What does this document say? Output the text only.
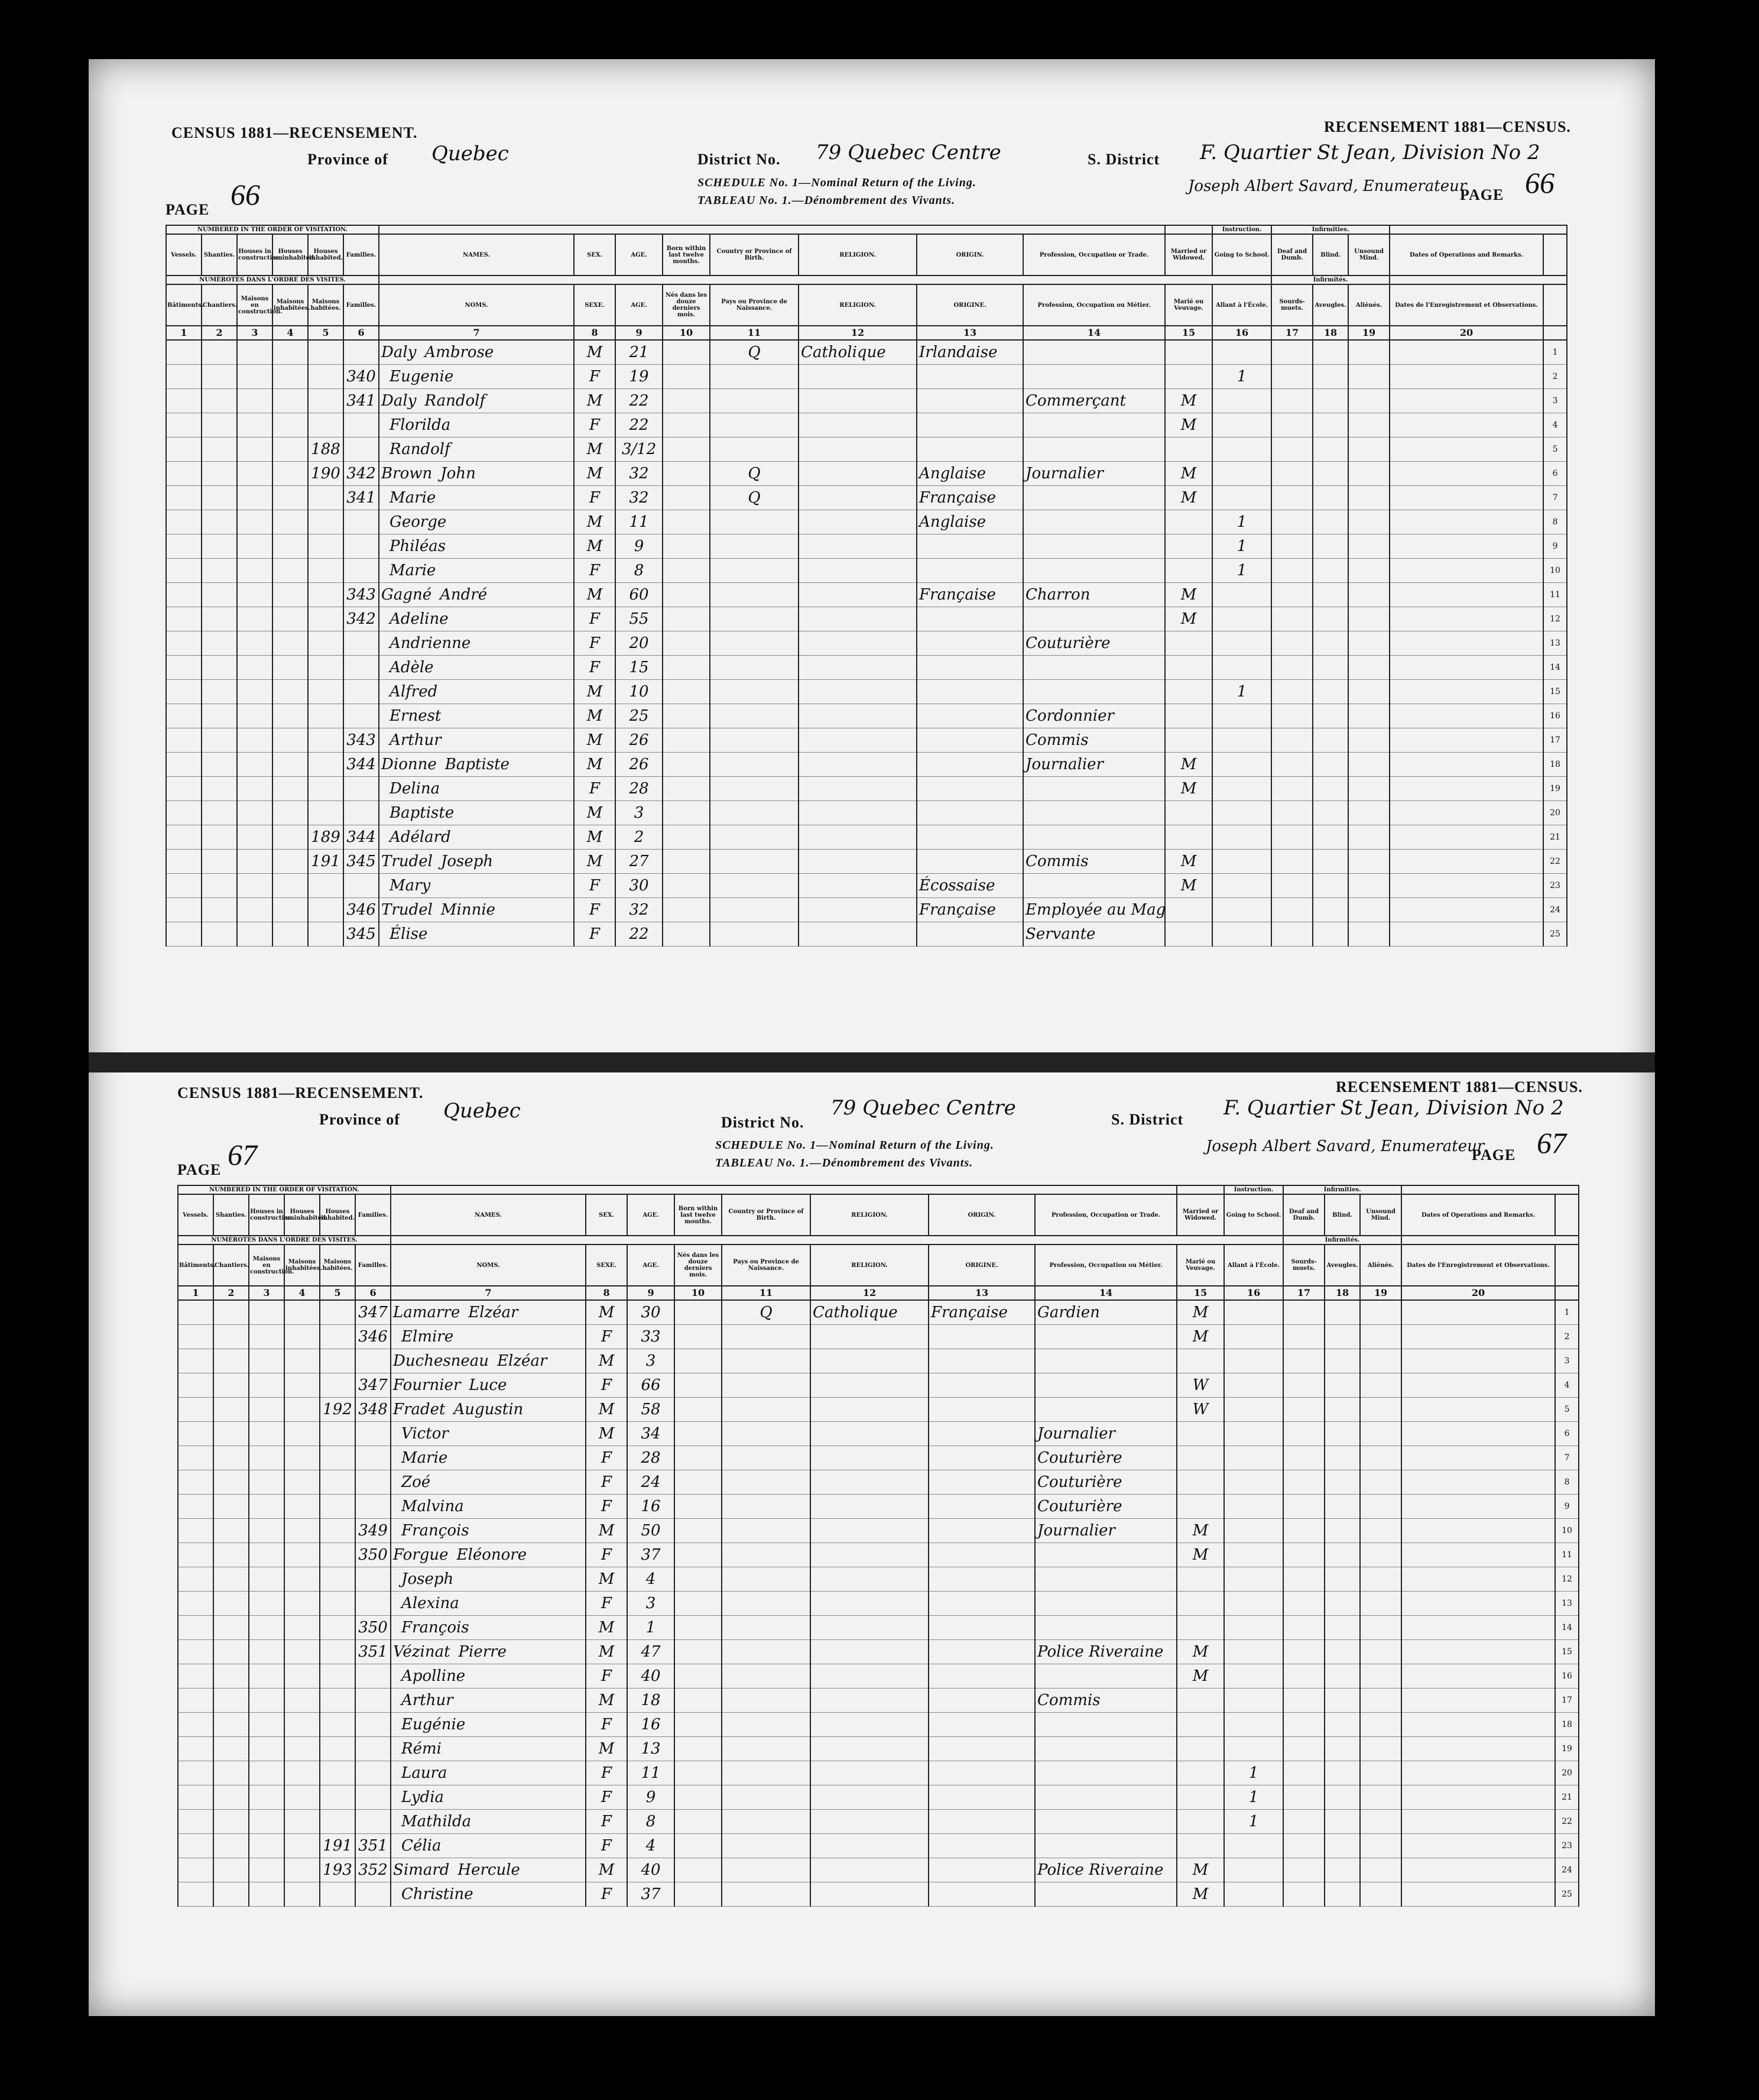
CENSUS 1881—RECENSEMENT.	RECENSEMENT 1881—CENSUS.
Province of Quebec	District No. 79 Quebec Centre	S. District F. Quartier St Jean, Division No 2
SCHEDULE No. 1—Nominal Return of the Living.
TABLEAU No. 1.—Dénombrement des Vivants.
Joseph Albert Savard, Enumerateur
PAGE 66	PAGE 66
NUMBERED IN THE ORDER OF VISITATION.															Instruction.	Infirmities.				
Vessels.	Shanties.	Houses in construction.	Houses uninhabited.	Houses inhabited.	Families.	NAMES.	SEX.	AGE.	Born within last twelve months.	Country or Province of Birth.	RELIGION.	ORIGIN.	Profession, Occupation or Trade.	Married or Widowed.	Going to School.	Deaf and Dumb.	Blind.	Unsound Mind.	Dates of Operations and Remarks.	
NUMÉROTÉS DANS L'ORDRE DES VISITES.																Infirmités.				
Bâtiments.	Chantiers.	Maisons en construction.	Maisons inhabitées.	Maisons habitées.	Familles.	NOMS.	SEXE.	AGE.	Nés dans les douze derniers mois.	Pays ou Province de Naissance.	RELIGION.	ORIGINE.	Profession, Occupation ou Métier.	Marié ou Veuvage.	Allant à l'École.	Sourds-muets.	Aveugles.	Aliénés.	Dates de l'Enregistrement et Observations.	
1	2	3	4	5	6	7	8	9	10	11	12	13	14	15	16	17	18	19	20	
						Daly Ambrose	M	21		Q	Catholique	Irlandaise								1
					340	Eugenie	F	19							1					2
					341	Daly Randolf	M	22					Commerçant	M						3
						Florilda	F	22						M						4
				188		Randolf	M	3/12												5
				190	342	Brown John	M	32		Q		Anglaise	Journalier	M						6
					341	Marie	F	32		Q		Française		M						7
						George	M	11				Anglaise			1					8
						Philéas	M	9							1					9
						Marie	F	8							1					10
					343	Gagné André	M	60				Française	Charron	M						11
					342	Adeline	F	55						M						12
						Andrienne	F	20					Couturière							13
						Adèle	F	15												14
						Alfred	M	10							1					15
						Ernest	M	25					Cordonnier							16
					343	Arthur	M	26					Commis							17
					344	Dionne Baptiste	M	26					Journalier	M						18
						Delina	F	28						M						19
						Baptiste	M	3												20
				189	344	Adélard	M	2												21
				191	345	Trudel Joseph	M	27					Commis	M						22
						Mary	F	30				Écossaise		M						23
					346	Trudel Minnie	F	32				Française	Employée au Mag							24
					345	Élise	F	22					Servante							25
CENSUS 1881—RECENSEMENT.	RECENSEMENT 1881—CENSUS.
Province of Quebec	District No.
79 Quebec Centre	S. District F. Quartier St Jean, Division No 2
SCHEDULE No. 1—Nominal Return of the Living.
TABLEAU No. 1.—Dénombrement des Vivants.
Joseph Albert Savard, Enumerateur
PAGE 67	PAGE 67
NUMBERED IN THE ORDER OF VISITATION.															Instruction.	Infirmities.				
Vessels.	Shanties.	Houses in construction.	Houses uninhabited.	Houses inhabited.	Families.	NAMES.	SEX.	AGE.	Born within last twelve months.	Country or Province of Birth.	RELIGION.	ORIGIN.	Profession, Occupation or Trade.	Married or Widowed.	Going to School.	Deaf and Dumb.	Blind.	Unsound Mind.	Dates of Operations and Remarks.	
NUMÉROTÉS DANS L'ORDRE DES VISITES.																Infirmités.				
Bâtiments.	Chantiers.	Maisons en construction.	Maisons inhabitées.	Maisons habitées.	Familles.	NOMS.	SEXE.	AGE.	Nés dans les douze derniers mois.	Pays ou Province de Naissance.	RELIGION.	ORIGINE.	Profession, Occupation ou Métier.	Marié ou Veuvage.	Allant à l'École.	Sourds-muets.	Aveugles.	Aliénés.	Dates de l'Enregistrement et Observations.	
1	2	3	4	5	6	7	8	9	10	11	12	13	14	15	16	17	18	19	20	
					347	Lamarre Elzéar	M	30		Q	Catholique	Française	Gardien	M						1
					346	Elmire	F	33						M						2
						Duchesneau Elzéar	M	3												3
					347	Fournier Luce	F	66						W						4
				192	348	Fradet Augustin	M	58						W						5
						Victor	M	34					Journalier							6
						Marie	F	28					Couturière							7
						Zoé	F	24					Couturière							8
						Malvina	F	16					Couturière							9
					349	François	M	50					Journalier	M						10
					350	Forgue Eléonore	F	37						M						11
						Joseph	M	4												12
						Alexina	F	3												13
					350	François	M	1												14
					351	Vézinat Pierre	M	47					Police Riveraine	M						15
						Apolline	F	40						M						16
						Arthur	M	18					Commis							17
						Eugénie	F	16												18
						Rémi	M	13												19
						Laura	F	11							1					20
						Lydia	F	9							1					21
						Mathilda	F	8							1					22
				191	351	Célia	F	4												23
				193	352	Simard Hercule	M	40					Police Riveraine	M						24
						Christine	F	37						M						25
